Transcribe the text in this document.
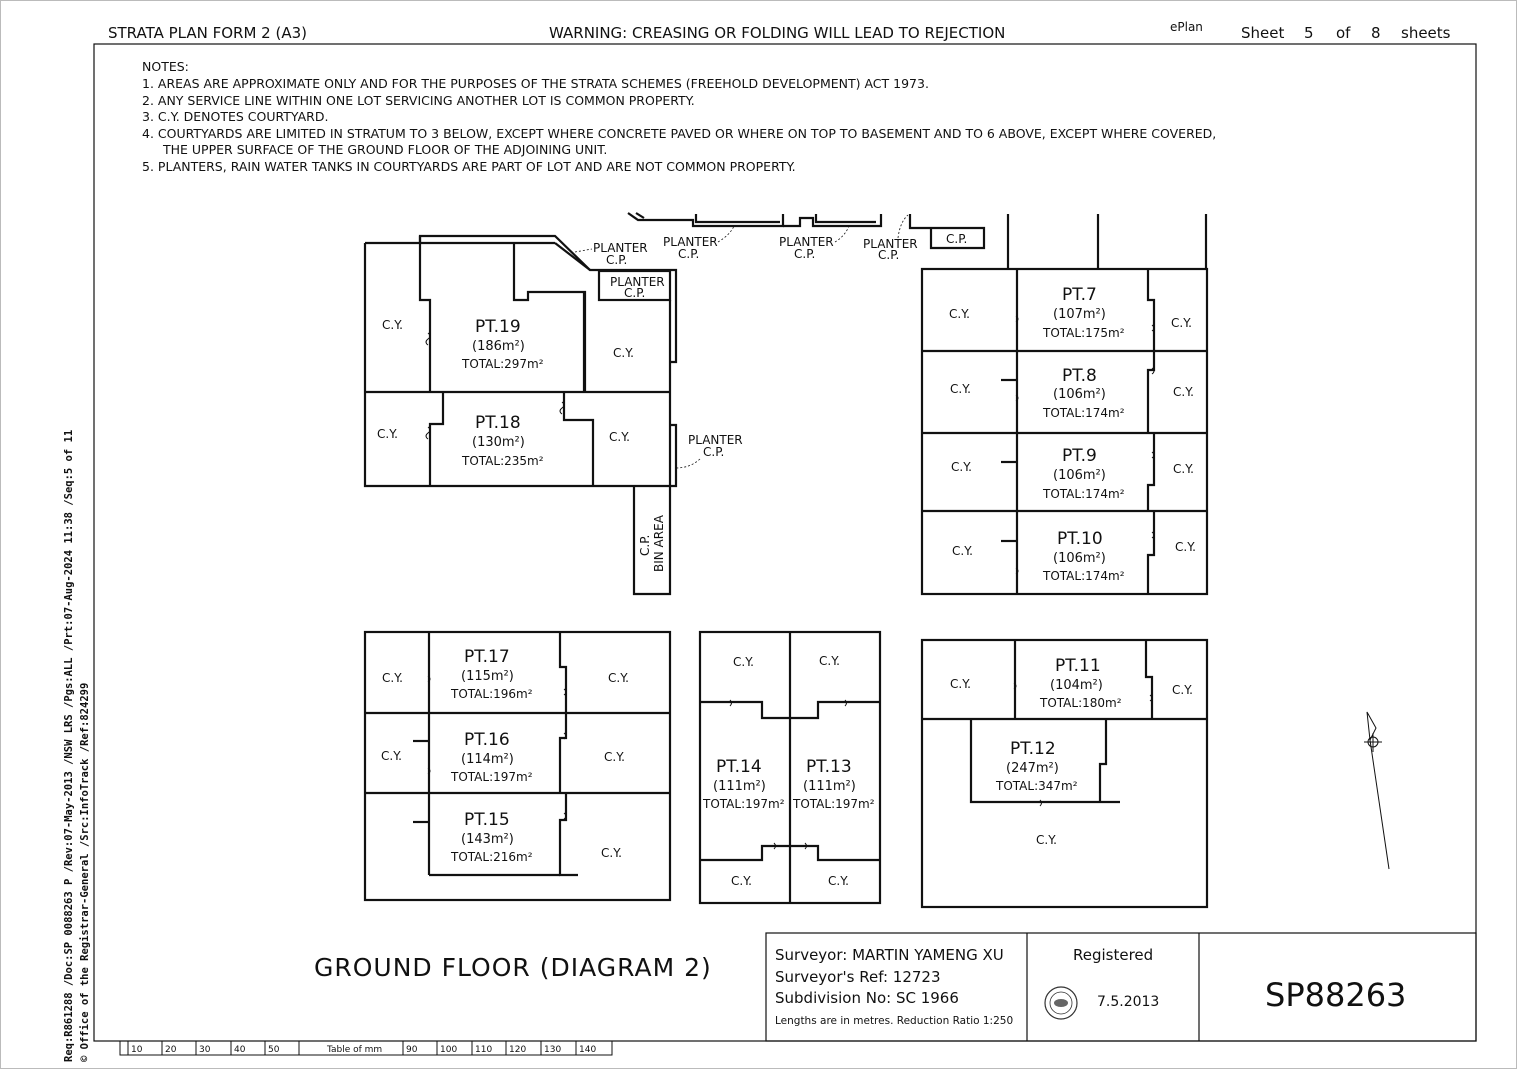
STRATA PLAN FORM 2 (A3)	WARNING: CREASING OR FOLDING WILL LEAD TO REJECTION	ePlan	Sheet 5 of 8 sheets
Req:R861288 /Doc:SP 0088263 P /Rev:07-May-2013 /NSW LRS /Pgs:ALL /Prt:07-Aug-2024 11:38 /Seq:5 of 11 © Office of the Registrar-General /Src:InfoTrack /Ref:824299
NOTES:
1. AREAS ARE APPROXIMATE ONLY AND FOR THE PURPOSES OF THE STRATA SCHEMES (FREEHOLD DEVELOPMENT) ACT 1973.
2. ANY SERVICE LINE WITHIN ONE LOT SERVICING ANOTHER LOT IS COMMON PROPERTY.
3. C.Y. DENOTES COURTYARD.
4. COURTYARDS ARE LIMITED IN STRATUM TO 3 BELOW, EXCEPT WHERE CONCRETE PAVED OR WHERE ON TOP TO BASEMENT AND TO 6 ABOVE, EXCEPT WHERE COVERED,
THE UPPER SURFACE OF THE GROUND FLOOR OF THE ADJOINING UNIT.
5. PLANTERS, RAIN WATER TANKS IN COURTYARDS ARE PART OF LOT AND ARE NOT COMMON PROPERTY.
C.Y.
C.Y.
C.Y.	C.Y.
PT.19
(186m²)
TOTAL:297m²
PT.18
(130m²)
TOTAL:235m²
PLANTER
C.P.
PLANTER
C.P.
PLANTER
C.P.
PLANTER
C.P.
PLANTER
C.P.
PLANTER
C.P.
C.P. BIN AREA
C.P.
C.Y.
C.Y.
C.Y.	C.Y.
C.Y.	C.Y.
C.Y.	C.Y.
PT.7
(107m²)
TOTAL:175m²
PT.8
(106m²)
TOTAL:174m²
PT.9
(106m²)
TOTAL:174m²
PT.10
(106m²)
TOTAL:174m²
C.Y.	C.Y.
C.Y.	C.Y.
C.Y.
PT.17
(115m²)
TOTAL:196m²
PT.16
(114m²)
TOTAL:197m²
PT.15
(143m²)
TOTAL:216m²
C.Y.	C.Y.
C.Y.	C.Y.
PT.14
(111m²)
TOTAL:197m²
PT.13
(111m²)
TOTAL:197m²
C.Y.	C.Y.
C.Y.
PT.11
(104m²)
TOTAL:180m²
PT.12
(247m²)
TOTAL:347m²
GROUND FLOOR (DIAGRAM 2)	Surveyor: MARTIN YAMENG XU
Surveyor's Ref: 12723
Subdivision No: SC 1966
Lengths are in metres. Reduction Ratio 1:250
Registered
7.5.2013	SP88263
10	20	30	40	50	Table of mm	90	100 110 120 130 140
